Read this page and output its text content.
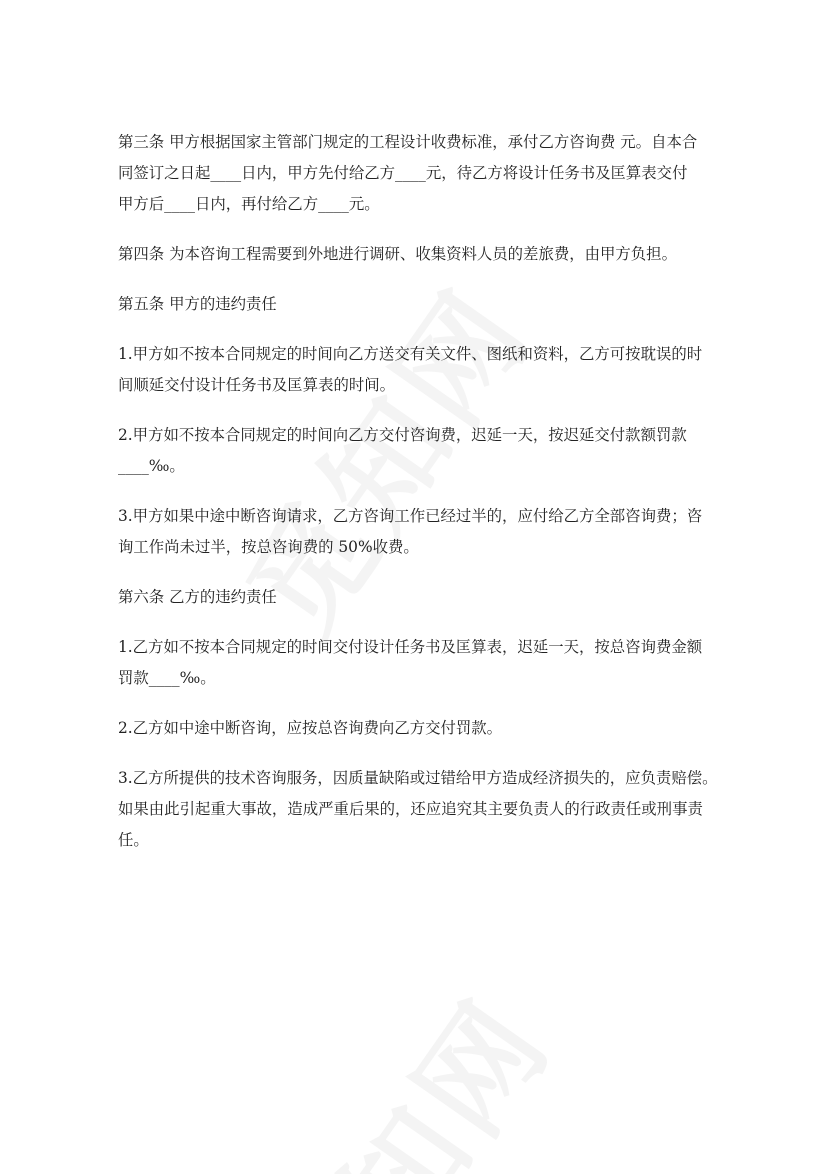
第三条 甲方根据国家主管部门规定的工程设计收费标准，承付乙方咨询费 元。自本合
同签订之日起____日内，甲方先付给乙方____元，待乙方将设计任务书及匡算表交付
甲方后____日内，再付给乙方____元。

第四条 为本咨询工程需要到外地进行调研、收集资料人员的差旅费，由甲方负担。

第五条 甲方的违约责任

1.甲方如不按本合同规定的时间向乙方送交有关文件、图纸和资料，乙方可按耽误的时
间顺延交付设计任务书及匡算表的时间。

2.甲方如不按本合同规定的时间向乙方交付咨询费，迟延一天，按迟延交付款额罚款
____‰。

3.甲方如果中途中断咨询请求，乙方咨询工作已经过半的，应付给乙方全部咨询费；咨
询工作尚未过半，按总咨询费的 50%收费。

第六条 乙方的违约责任

1.乙方如不按本合同规定的时间交付设计任务书及匡算表，迟延一天，按总咨询费金额
罚款____‰。

2.乙方如中途中断咨询，应按总咨询费向乙方交付罚款。

3.乙方所提供的技术咨询服务，因质量缺陷或过错给甲方造成经济损失的，应负责赔偿。
如果由此引起重大事故，造成严重后果的，还应追究其主要负责人的行政责任或刑事责
任。
